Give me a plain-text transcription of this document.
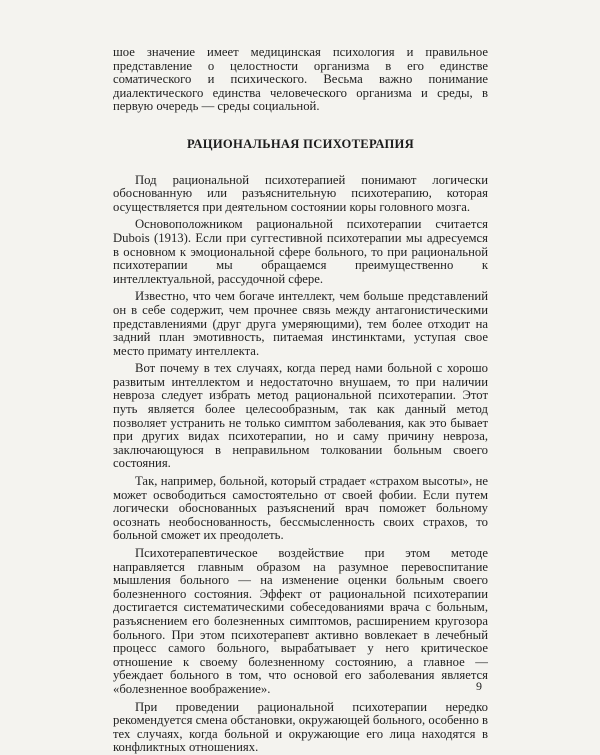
шое значение имеет медицинская психология и правильное представление о целостности организма в его единстве соматического и психического. Весьма важно понимание диалектического единства человеческого организма и среды, в первую очередь — среды социальной.

РАЦИОНАЛЬНАЯ ПСИХОТЕРАПИЯ

Под рациональной психотерапией понимают логически обоснованную или разъяснительную психотерапию, которая осуществляется при деятельном состоянии коры головного мозга.

Основоположником рациональной психотерапии считается Dubois (1913). Если при суггестивной психотерапии мы адресуемся в основном к эмоциональной сфере больного, то при рациональной психотерапии мы обращаемся преимущественно к интеллектуальной, рассудочной сфере.

Известно, что чем богаче интеллект, чем больше представлений он в себе содержит, чем прочнее связь между антагонистическими представлениями (друг друга умеряющими), тем более отходит на задний план эмотивность, питаемая инстинктами, уступая свое место примату интеллекта.

Вот почему в тех случаях, когда перед нами больной с хорошо развитым интеллектом и недостаточно внушаем, то при наличии невроза следует избрать метод рациональной психотерапии. Этот путь является более целесообразным, так как данный метод позволяет устранить не только симптом заболевания, как это бывает при других видах психотерапии, но и саму причину невроза, заключающуюся в неправильном толковании больным своего состояния.

Так, например, больной, который страдает «страхом высоты», не может освободиться самостоятельно от своей фобии. Если путем логически обоснованных разъяснений врач поможет больному осознать необоснованность, бессмысленность своих страхов, то больной сможет их преодолеть.

Психотерапевтическое воздействие при этом методе направляется главным образом на разумное перевоспитание мышления больного — на изменение оценки больным своего болезненного состояния. Эффект от рациональной психотерапии достигается систематическими собеседованиями врача с больным, разъяснением его болезненных симптомов, расширением кругозора больного. При этом психотерапевт активно вовлекает в лечебный процесс самого больного, вырабатывает у него критическое отношение к своему болезненному состоянию, а главное — убеждает больного в том, что основой его заболевания является «болезненное воображение».

При проведении рациональной психотерапии нередко рекомендуется смена обстановки, окружающей больного, особенно в тех случаях, когда больной и окружающие его лица находятся в конфликтных отношениях.

9
